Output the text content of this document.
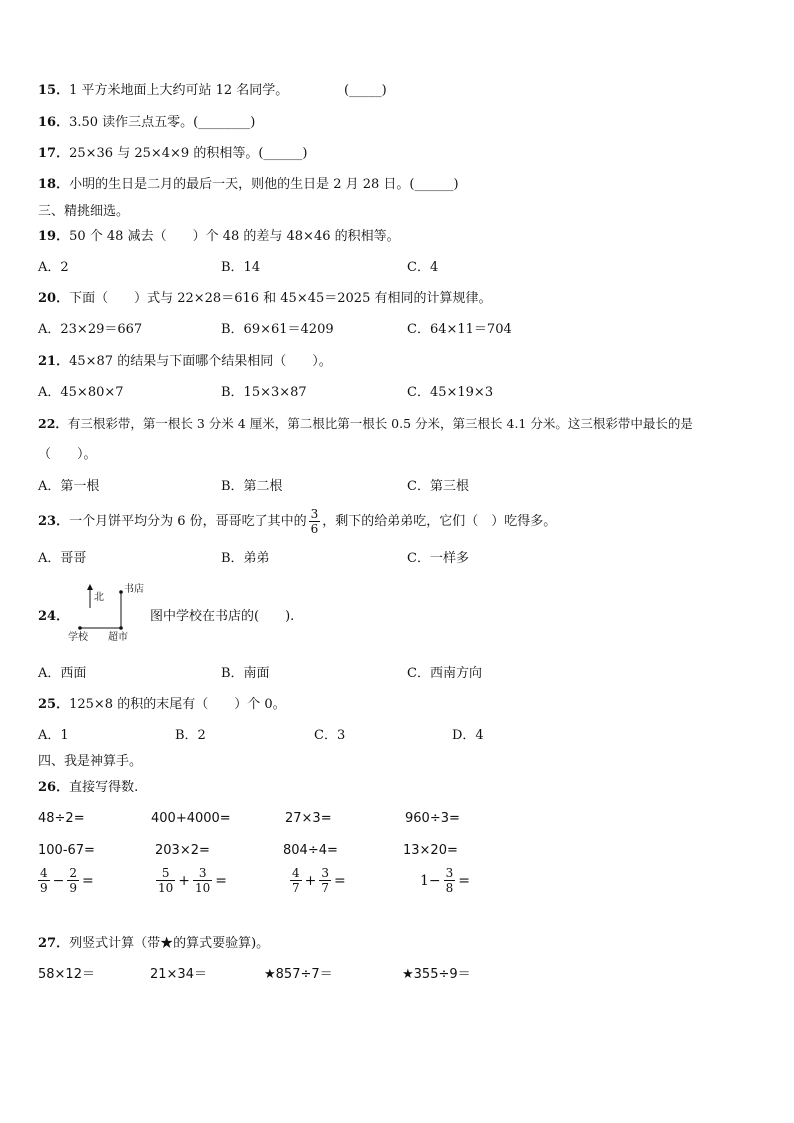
15．1 平方米地面上大约可站 12 名同学。	(_____)
16．3.50 读作三点五零。(________)
17．25×36 与 25×4×9 的积相等。(______)
18．小明的生日是二月的最后一天，则他的生日是 2 月 28 日。(______)
三、精挑细选。
19．50 个 48 减去（　　）个 48 的差与 48×46 的积相等。
A．2	B．14	C．4
20．下面（　　）式与 22×28＝616 和 45×45＝2025 有相同的计算规律。
A．23×29＝667	B．69×61＝4209	C．64×11＝704
21．45×87 的结果与下面哪个结果相同（　　）。
A．45×80×7	B．15×3×87	C．45×19×3
22．有三根彩带，第一根长 3 分米 4 厘米，第二根比第一根长 0.5 分米，第三根长 4.1 分米。这三根彩带中最长的是
（　　）。
A．第一根	B．第二根	C．第三根
23． 一个月饼平均分为 6 份，哥哥吃了其中的 $\frac{3}{6}$ ，剩下的给弟弟吃，它们（　）吃得多。
A．哥哥	B．弟弟	C．一样多
24．
北
书店
学校 超市
图中学校在书店的(　　).
A．西面	B．南面	C．西南方向
25．125×8 的积的末尾有（　　）个 0。
A．1	B．2	C．3	D．4
四、我是神算手。
26．直接写得数.
48÷2=	400+4000=	27×3=	960÷3=
100-67=	203×2=	804÷4=	13×20=
$\frac{4}{9} - \frac{2}{9}$ =	$\frac{5}{10} + \frac{3}{10}$ =	$\frac{4}{7} + \frac{3}{7}$ =	$1- \frac{3}{8}$ =
27．列竖式计算（带★的算式要验算)。
58×12＝	21×34＝	★857÷7＝	★355÷9＝
